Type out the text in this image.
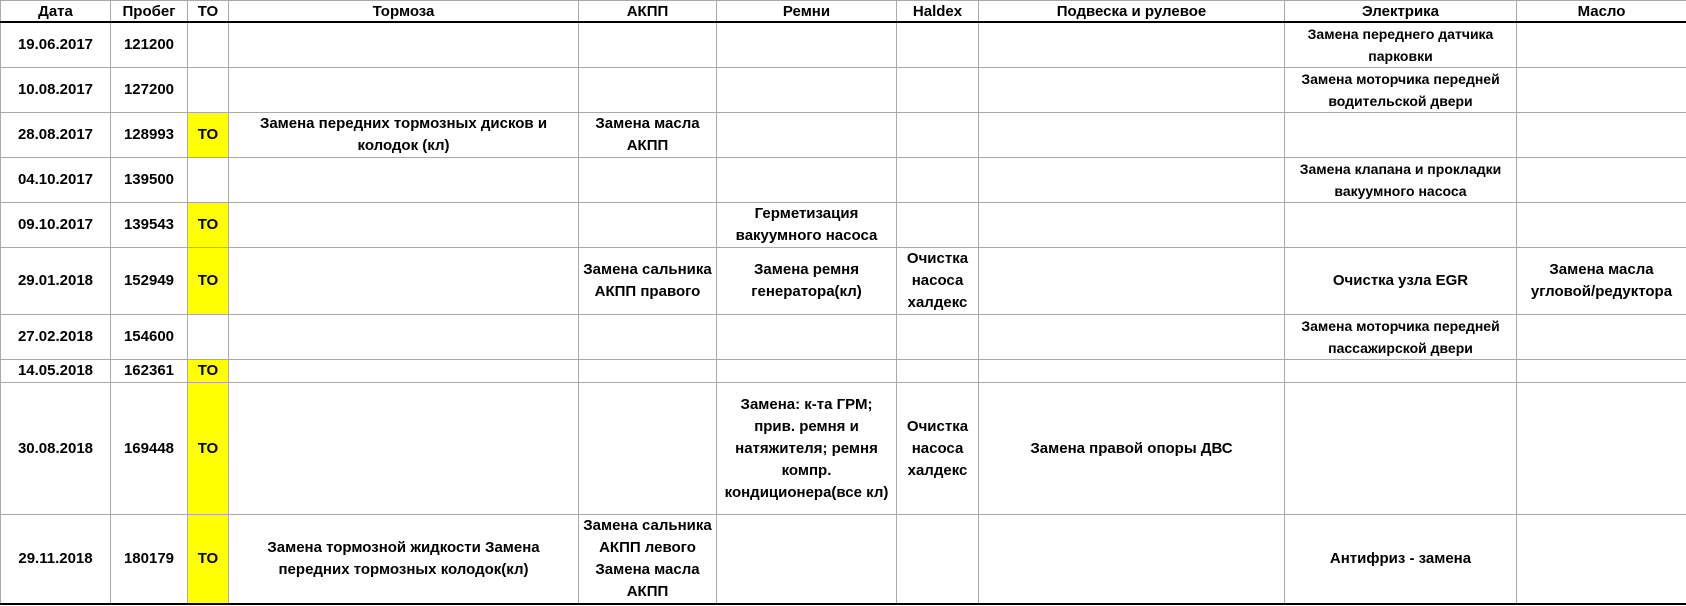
Дата	Пробег	ТО	Тормоза	АКПП	Ремни	Haldex	Подвеска и рулевое	Электрика	Масло
19.06.2017	121200							Замена переднего датчика парковки	
10.08.2017	127200							Замена моторчика передней водительской двери	
28.08.2017	128993	ТО	Замена передних тормозных дисков и колодок (кл)	Замена масла АКПП					
04.10.2017	139500							Замена клапана и прокладки вакуумного насоса	
09.10.2017	139543	ТО			Герметизация вакуумного насоса				
29.01.2018	152949	ТО		Замена сальника АКПП правого	Замена ремня генератора(кл)	Очистка насоса халдекс		Очистка узла EGR	Замена масла угловой/редуктора
27.02.2018	154600							Замена моторчика передней пассажирской двери	
14.05.2018	162361	ТО							
30.08.2018	169448	ТО			Замена: к-та ГРМ; прив. ремня и натяжителя; ремня компр. кондиционера(все кл)	Очистка насоса халдекс	Замена правой опоры ДВС		
29.11.2018	180179	ТО	Замена тормозной жидкости Замена передних тормозных колодок(кл)	Замена сальника АКПП левого Замена масла АКПП				Антифриз - замена	
